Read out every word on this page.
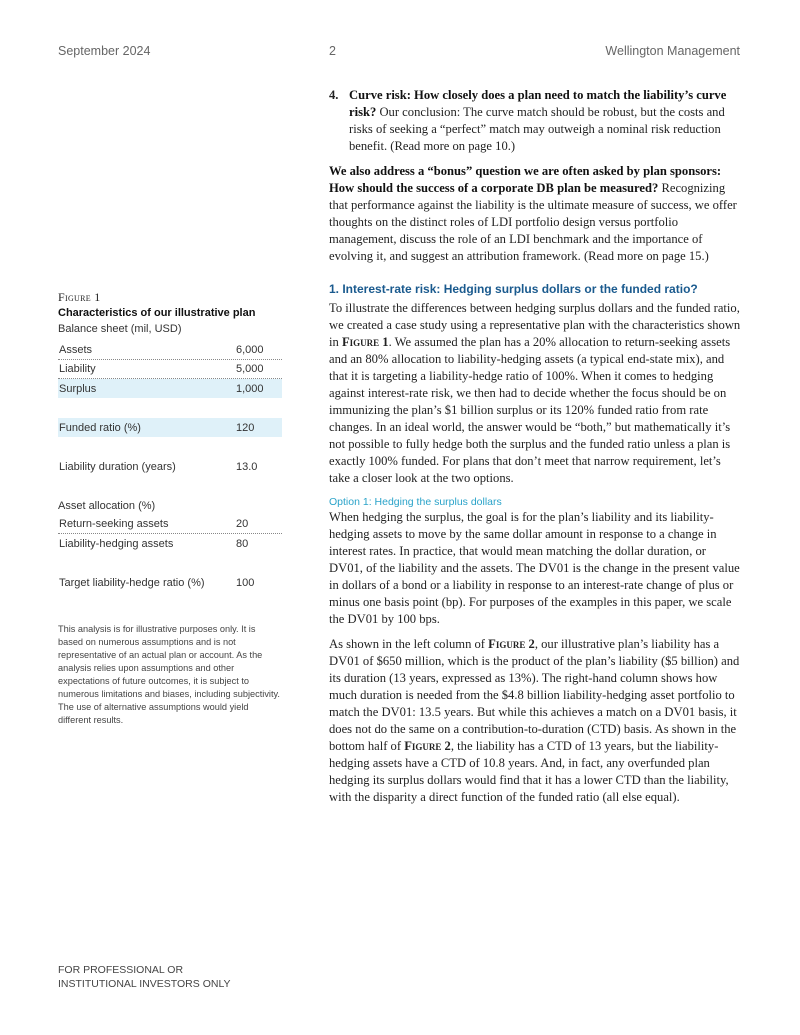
September 2024	2	Wellington Management
Figure 1
Characteristics of our illustrative plan
Balance sheet (mil, USD)
Assets	6,000
Liability	5,000
Surplus	1,000
Funded ratio (%)	120
Liability duration (years)	13.0
Asset allocation (%)
Return-seeking assets	20
Liability-hedging assets	80
Target liability-hedge ratio (%)	100
This analysis is for illustrative purposes only. It is based on numerous assumptions and is not representative of an actual plan or account. As the analysis relies upon assumptions and other expectations of future outcomes, it is subject to numerous limitations and biases, including subjectivity. The use of alternative assumptions would yield different results.
FOR PROFESSIONAL OR
INSTITUTIONAL INVESTORS ONLY
4. Curve risk: How closely does a plan need to match the liability’s curve risk? Our conclusion: The curve match should be robust, but the costs and risks of seeking a “perfect” match may outweigh a nominal risk reduction benefit. (Read more on page 10.)

We also address a “bonus” question we are often asked by plan sponsors: How should the success of a corporate DB plan be measured? Recognizing that performance against the liability is the ultimate measure of success, we offer thoughts on the distinct roles of LDI portfolio design versus portfolio management, discuss the role of an LDI benchmark and the importance of evolving it, and suggest an attribution framework. (Read more on page 15.)

1. Interest-rate risk: Hedging surplus dollars or the funded ratio?

To illustrate the differences between hedging surplus dollars and the funded ratio, we created a case study using a representative plan with the characteristics shown in Figure 1. We assumed the plan has a 20% allocation to return-seeking assets and an 80% allocation to liability-hedging assets (a typical end-state mix), and that it is targeting a liability-hedge ratio of 100%. When it comes to hedging against interest-rate risk, we then had to decide whether the focus should be on immunizing the plan’s $1 billion surplus or its 120% funded ratio from rate changes. In an ideal world, the answer would be “both,” but mathematically it’s not possible to fully hedge both the surplus and the funded ratio unless a plan is exactly 100% funded. For plans that don’t meet that narrow requirement, let’s take a closer look at the two options.

Option 1: Hedging the surplus dollars

When hedging the surplus, the goal is for the plan’s liability and its liability-hedging assets to move by the same dollar amount in response to a change in interest rates. In practice, that would mean matching the dollar duration, or DV01, of the liability and the assets. The DV01 is the change in the present value in dollars of a bond or a liability in response to an interest-rate change of plus or minus one basis point (bp). For purposes of the examples in this paper, we scale the DV01 by 100 bps.

As shown in the left column of Figure 2, our illustrative plan’s liability has a DV01 of $650 million, which is the product of the plan’s liability ($5 billion) and its duration (13 years, expressed as 13%). The right-hand column shows how much duration is needed from the $4.8 billion liability-hedging asset portfolio to match the DV01: 13.5 years. But while this achieves a match on a DV01 basis, it does not do the same on a contribution-to-duration (CTD) basis. As shown in the bottom half of Figure 2, the liability has a CTD of 13 years, but the liability-hedging assets have a CTD of 10.8 years. And, in fact, any overfunded plan hedging its surplus dollars would find that it has a lower CTD than the liability, with the disparity a direct function of the funded ratio (all else equal).
